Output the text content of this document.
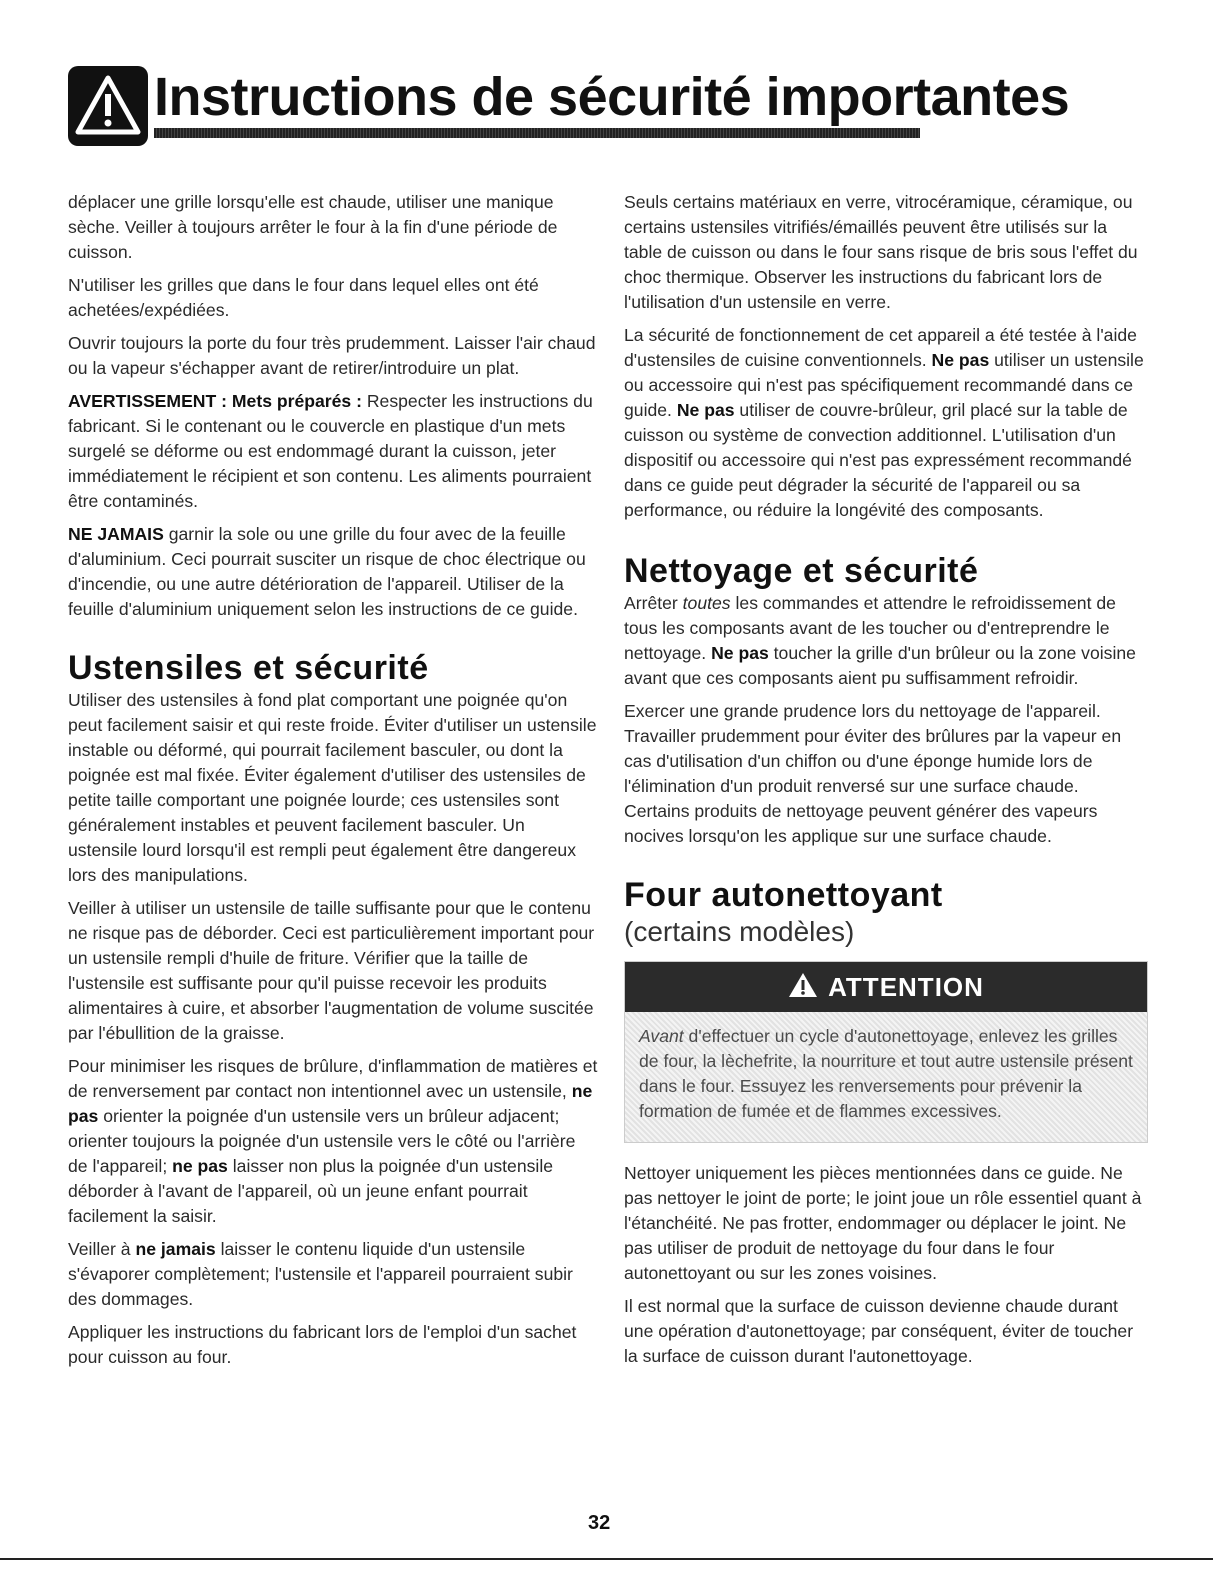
Instructions de sécurité importantes

déplacer une grille lorsqu'elle est chaude, utiliser une manique sèche. Veiller à toujours arrêter le four à la fin d'une période de cuisson.

N'utiliser les grilles que dans le four dans lequel elles ont été achetées/expédiées.

Ouvrir toujours la porte du four très prudemment. Laisser l'air chaud ou la vapeur s'échapper avant de retirer/introduire un plat.

AVERTISSEMENT : Mets préparés : Respecter les instructions du fabricant. Si le contenant ou le couvercle en plastique d'un mets surgelé se déforme ou est endommagé durant la cuisson, jeter immédiatement le récipient et son contenu. Les aliments pourraient être contaminés.

NE JAMAIS garnir la sole ou une grille du four avec de la feuille d'aluminium. Ceci pourrait susciter un risque de choc électrique ou d'incendie, ou une autre détérioration de l'appareil. Utiliser de la feuille d'aluminium uniquement selon les instructions de ce guide.

Ustensiles et sécurité

Utiliser des ustensiles à fond plat comportant une poignée qu'on peut facilement saisir et qui reste froide. Éviter d'utiliser un ustensile instable ou déformé, qui pourrait facilement basculer, ou dont la poignée est mal fixée. Éviter également d'utiliser des ustensiles de petite taille comportant une poignée lourde; ces ustensiles sont généralement instables et peuvent facilement basculer. Un ustensile lourd lorsqu'il est rempli peut également être dangereux lors des manipulations.

Veiller à utiliser un ustensile de taille suffisante pour que le contenu ne risque pas de déborder. Ceci est particulièrement important pour un ustensile rempli d'huile de friture. Vérifier que la taille de l'ustensile est suffisante pour qu'il puisse recevoir les produits alimentaires à cuire, et absorber l'augmentation de volume suscitée par l'ébullition de la graisse.

Pour minimiser les risques de brûlure, d'inflammation de matières et de renversement par contact non intentionnel avec un ustensile, ne pas orienter la poignée d'un ustensile vers un brûleur adjacent; orienter toujours la poignée d'un ustensile vers le côté ou l'arrière de l'appareil; ne pas laisser non plus la poignée d'un ustensile déborder à l'avant de l'appareil, où un jeune enfant pourrait facilement la saisir.

Veiller à ne jamais laisser le contenu liquide d'un ustensile s'évaporer complètement; l'ustensile et l'appareil pourraient subir des dommages.

Appliquer les instructions du fabricant lors de l'emploi d'un sachet pour cuisson au four.

Seuls certains matériaux en verre, vitrocéramique, céramique, ou certains ustensiles vitrifiés/émaillés peuvent être utilisés sur la table de cuisson ou dans le four sans risque de bris sous l'effet du choc thermique. Observer les instructions du fabricant lors de l'utilisation d'un ustensile en verre.

La sécurité de fonctionnement de cet appareil a été testée à l'aide d'ustensiles de cuisine conventionnels. Ne pas utiliser un ustensile ou accessoire qui n'est pas spécifiquement recommandé dans ce guide. Ne pas utiliser de couvre-brûleur, gril placé sur la table de cuisson ou système de convection additionnel. L'utilisation d'un dispositif ou accessoire qui n'est pas expressément recommandé dans ce guide peut dégrader la sécurité de l'appareil ou sa performance, ou réduire la longévité des composants.

Nettoyage et sécurité

Arrêter toutes les commandes et attendre le refroidissement de tous les composants avant de les toucher ou d'entreprendre le nettoyage. Ne pas toucher la grille d'un brûleur ou la zone voisine avant que ces composants aient pu suffisamment refroidir.

Exercer une grande prudence lors du nettoyage de l'appareil. Travailler prudemment pour éviter des brûlures par la vapeur en cas d'utilisation d'un chiffon ou d'une éponge humide lors de l'élimination d'un produit renversé sur une surface chaude. Certains produits de nettoyage peuvent générer des vapeurs nocives lorsqu'on les applique sur une surface chaude.

Four autonettoyant
(certains modèles)
ATTENTION
Avant d'effectuer un cycle d'autonettoyage, enlevez les grilles de four, la lèchefrite, la nourriture et tout autre ustensile présent dans le four. Essuyez les renversements pour prévenir la formation de fumée et de flammes excessives.

Nettoyer uniquement les pièces mentionnées dans ce guide. Ne pas nettoyer le joint de porte; le joint joue un rôle essentiel quant à l'étanchéité. Ne pas frotter, endommager ou déplacer le joint. Ne pas utiliser de produit de nettoyage du four dans le four autonettoyant ou sur les zones voisines.

Il est normal que la surface de cuisson devienne chaude durant une opération d'autonettoyage; par conséquent, éviter de toucher la surface de cuisson durant l'autonettoyage.

32
